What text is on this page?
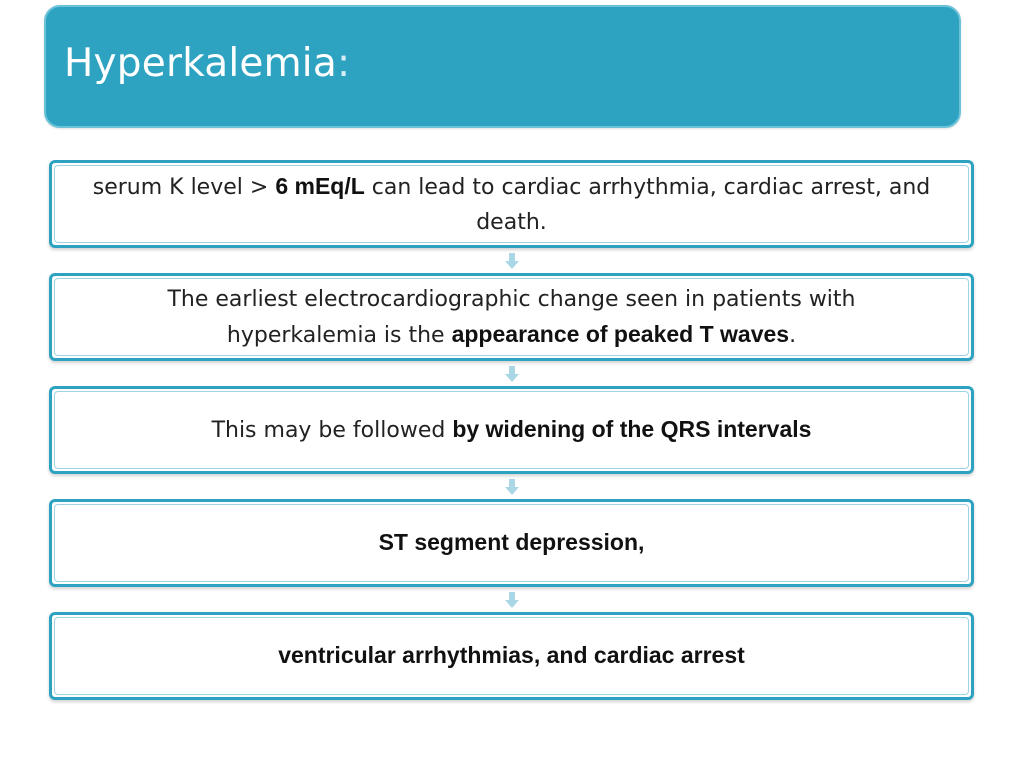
Hyperkalemia:
serum K level > 6 mEq/L can lead to cardiac arrhythmia, cardiac arrest, and death.
The earliest electrocardiographic change seen in patients with hyperkalemia is the appearance of peaked T waves.
This may be followed by widening of the QRS intervals
ST segment depression,
ventricular arrhythmias, and cardiac arrest
